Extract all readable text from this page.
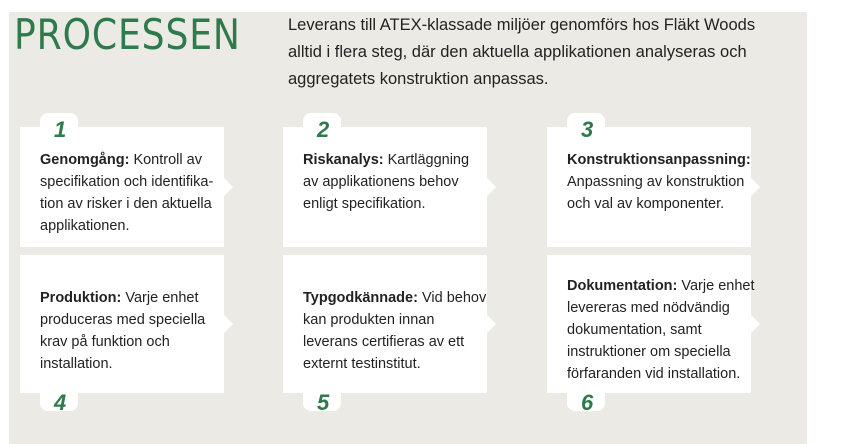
PROCESSEN	Leverans till ATEX-klassade miljöer genomförs hos Fläkt Woods alltid i flera steg, där den aktuella applikationen analyseras och aggregatets konstruktion anpassas.

1

Genomgång: Kontroll av specifikation och identifika-tion av risker i den aktuella applikationen.

2

Riskanalys: Kartläggning av applikationens behov enligt specifikation.

3

Konstruktionsanpassning: Anpassning av konstruktion och val av komponenter.

4

Produktion: Varje enhet produceras med speciella krav på funktion och installation.

5

Typgodkännade: Vid behov kan produkten innan leverans certifieras av ett externt testinstitut.

6

Dokumentation: Varje enhet levereras med nödvändig dokumentation, samt instruktioner om speciella förfaranden vid installation.
